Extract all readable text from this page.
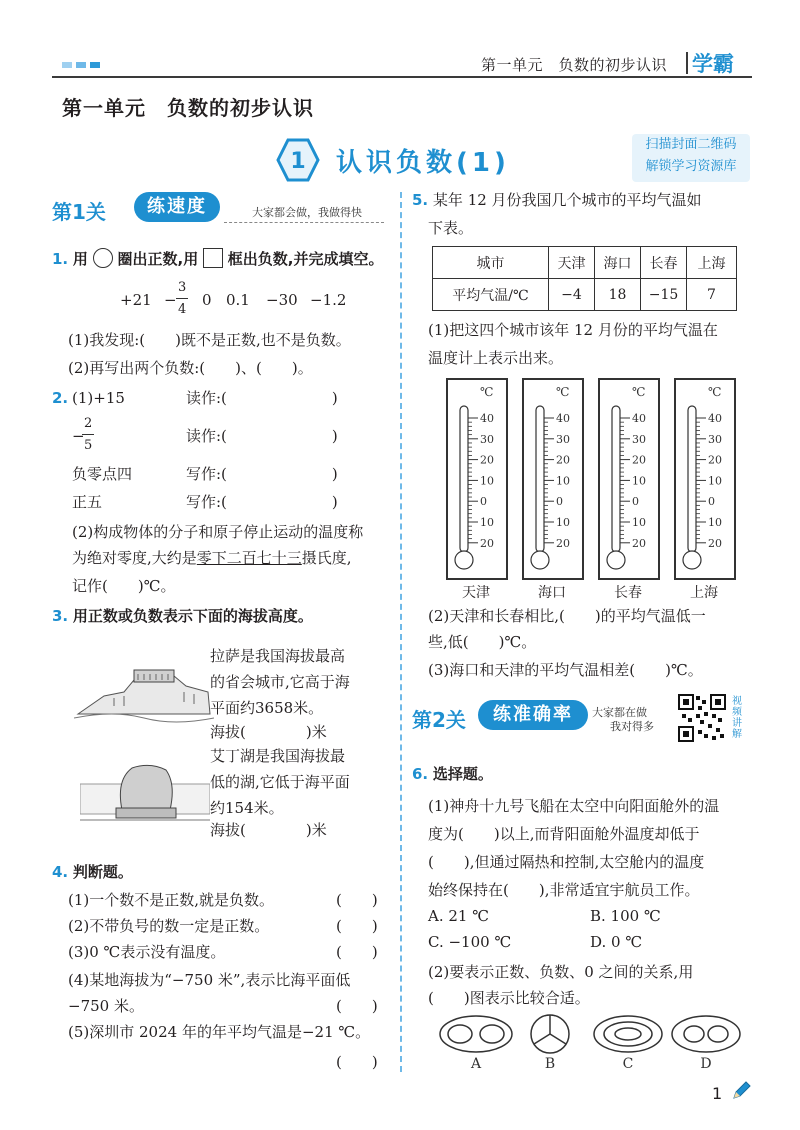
第一单元　负数的初步认识 学霸
第一单元　负数的初步认识
1 认识负数(1)
扫描封面二维码
解锁学习资源库
第1关	练速度	大家都会做，我做得快
1. 用 圈出正数,用 框出负数,并完成填空。
+21 −
3
4
0 0.1 −30 −1.2
(1)我发现:(　　)既不是正数,也不是负数。
(2)再写出两个负数:(　　)、(　　)。
2. (1)+15	读作:(　　　　　　　)
−
2
5
读作:(　　　　　　　)
负零点四	写作:(　　　　　　　)
正五	写作:(　　　　　　　)
(2)构成物体的分子和原子停止运动的温度称
为绝对零度,大约是零下二百七十三摄氏度,
记作(　　)℃。
3. 用正数或负数表示下面的海拔高度。
拉萨是我国海拔最高
的省会城市,它高于海
平面约3658米。
海拔(　　　　)米
艾丁湖是我国海拔最
低的湖,它低于海平面
约154米。
海拔(　　　　)米
4. 判断题。
(1)一个数不是正数,就是负数。	(　　)
(2)不带负号的数一定是正数。	(　　)
(3)0 ℃表示没有温度。	(　　)
(4)某地海拔为“−750 米”,表示比海平面低
−750 米。	(　　)
(5)深圳市 2024 年的年平均气温是−21 ℃。
(　　)
5. 某年 12 月份我国几个城市的平均气温如
下表。
城市	天津	海口	长春	上海
平均气温/℃	−4	18	−15	7
(1)把这四个城市该年 12 月份的平均气温在
温度计上表示出来。
℃
40
30
20
10
0
10
20
天津
℃
40
30
20
10
0
10
20
海口
℃
40
30
20
10
0
10
20
长春
℃
40
30
20
10
0
10
20
上海
(2)天津和长春相比,(　　)的平均气温低一
些,低(　　)℃。
(3)海口和天津的平均气温相差(　　)℃。
第2关	练准确率	大家都在做
我对得多
视频讲解
6. 选择题。
(1)神舟十九号飞船在太空中向阳面舱外的温
度为(　　)以上,而背阳面舱外温度却低于
(　　),但通过隔热和控制,太空舱内的温度
始终保持在(　　),非常适宜宇航员工作。
A. 21 ℃	B. 100 ℃
C. −100 ℃	D. 0 ℃
(2)要表示正数、负数、0 之间的关系,用
(　　)图表示比较合适。
A	B	C	D
1
